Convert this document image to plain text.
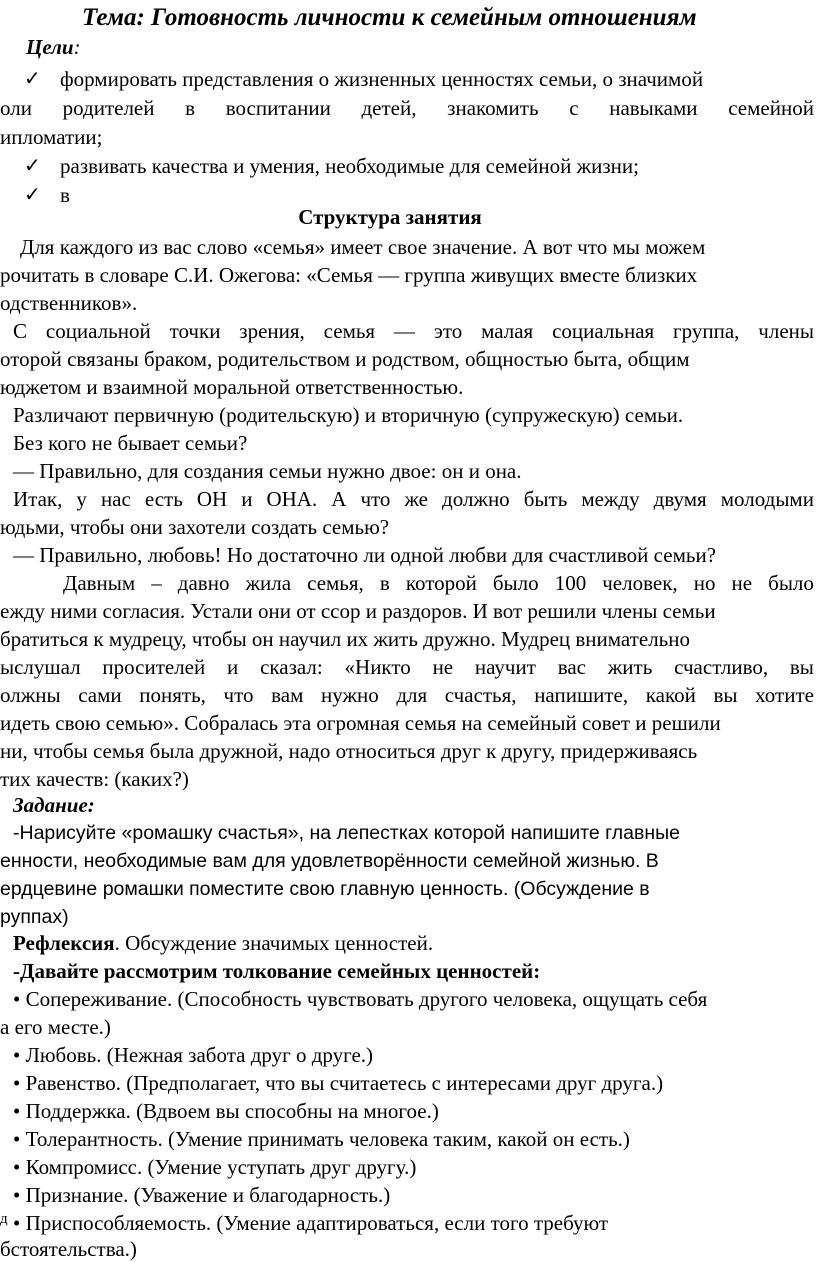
Тема: Готовность личности к семейным отношениям
Цели:
✓ формировать представления о жизненных ценностях семьи, о значимой
оли родителей в воспитании детей, знакомить с навыками семейной
ипломатии;
✓ развивать качества и умения, необходимые для семейной жизни;
✓ в
Структура занятия
Для каждого из вас слово «семья» имеет свое значение. А вот что мы можем
рочитать в словаре С.И. Ожегова: «Семья — группа живущих вместе близких
одственников».
С социальной точки зрения, семья — это малая социальная группа, члены
оторой связаны браком, родительством и родством, общностью быта, общим
юджетом и взаимной моральной ответственностью.
Различают первичную (родительскую) и вторичную (супружескую) семьи.
Без кого не бывает семьи?
— Правильно, для создания семьи нужно двое: он и она.
Итак, у нас есть ОН и ОНА. А что же должно быть между двумя молодыми
юдьми, чтобы они захотели создать семью?
— Правильно, любовь! Но достаточно ли одной любви для счастливой семьи?
Давным – давно жила семья, в которой было 100 человек, но не было
ежду ними согласия. Устали они от ссор и раздоров. И вот решили члены семьи
братиться к мудрецу, чтобы он научил их жить дружно. Мудрец внимательно
ыслушал просителей и сказал: «Никто не научит вас жить счастливо, вы
олжны сами понять, что вам нужно для счастья, напишите, какой вы хотите
идеть свою семью». Собралась эта огромная семья на семейный совет и решили
ни, чтобы семья была дружной, надо относиться друг к другу, придерживаясь
тих качеств: (каких?)
Задание:
-Нарисуйте «ромашку счастья», на лепестках которой напишите главные
енности, необходимые вам для удовлетворённости семейной жизнью. В
ердцевине ромашки поместите свою главную ценность. (Обсуждение в
руппах)
Рефлексия. Обсуждение значимых ценностей.
-Давайте рассмотрим толкование семейных ценностей:
• Сопереживание. (Способность чувствовать другого человека, ощущать себя
а его месте.)
• Любовь. (Нежная забота друг о друге.)
• Равенство. (Предполагает, что вы считаетесь с интересами друг друга.)
• Поддержка. (Вдвоем вы способны на многое.)
• Толерантность. (Умение принимать человека таким, какой он есть.)
• Компромисс. (Умение уступать друг другу.)
• Признание. (Уважение и благодарность.)
д • Приспособляемость. (Умение адаптироваться, если того требуют
бстоятельства.)
